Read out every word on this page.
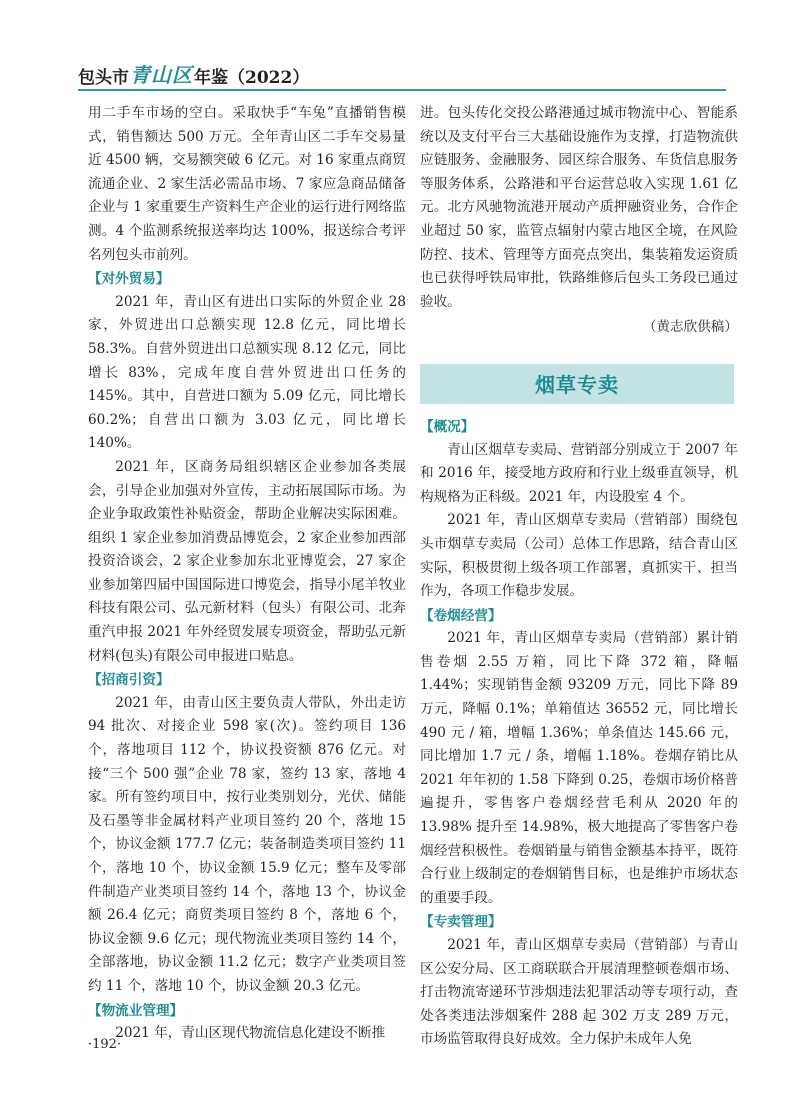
包头市 青山区 年鉴（2022）

用二手车市场的空白。采取快手“车兔”直播销售模式，销售额达 500 万元。全年青山区二手车交易量近 4500 辆，交易额突破 6 亿元。对 16 家重点商贸流通企业、2 家生活必需品市场、7 家应急商品储备企业与 1 家重要生产资料生产企业的运行进行网络监测。4 个监测系统报送率均达 100%，报送综合考评名列包头市前列。

【对外贸易】

2021 年，青山区有进出口实际的外贸企业 28 家，外贸进出口总额实现 12.8 亿元，同比增长 58.3%。自营外贸进出口总额实现 8.12 亿元，同比增长 83%，完成年度自营外贸进出口任务的 145%。其中，自营进口额为 5.09 亿元，同比增长 60.2%；自营出口额为 3.03 亿元，同比增长 140%。

2021 年，区商务局组织辖区企业参加各类展会，引导企业加强对外宣传，主动拓展国际市场。为企业争取政策性补贴资金，帮助企业解决实际困难。组织 1 家企业参加消费品博览会，2 家企业参加西部投资洽谈会，2 家企业参加东北亚博览会，27 家企业参加第四届中国国际进口博览会，指导小尾羊牧业科技有限公司、弘元新材料（包头）有限公司、北奔重汽申报 2021 年外经贸发展专项资金，帮助弘元新材料(包头)有限公司申报进口贴息。

【招商引资】

2021 年，由青山区主要负责人带队，外出走访 94 批次、对接企业 598 家(次)。签约项目 136 个，落地项目 112 个，协议投资额 876 亿元。对接“三个 500 强”企业 78 家，签约 13 家，落地 4 家。所有签约项目中，按行业类别划分，光伏、储能及石墨等非金属材料产业项目签约 20 个，落地 15 个，协议金额 177.7 亿元；装备制造类项目签约 11 个，落地 10 个，协议金额 15.9 亿元；整车及零部件制造产业类项目签约 14 个，落地 13 个，协议金额 26.4 亿元；商贸类项目签约 8 个，落地 6 个，协议金额 9.6 亿元；现代物流业类项目签约 14 个，全部落地，协议金额 11.2 亿元；数字产业类项目签约 11 个，落地 10 个，协议金额 20.3 亿元。

【物流业管理】

2021 年，青山区现代物流信息化建设不断推

进。包头传化交投公路港通过城市物流中心、智能系统以及支付平台三大基础设施作为支撑，打造物流供应链服务、金融服务、园区综合服务、车货信息服务等服务体系，公路港和平台运营总收入实现 1.61 亿元。北方风驰物流港开展动产质押融资业务，合作企业超过 50 家，监管点辐射内蒙古地区全境，在风险防控、技术、管理等方面亮点突出，集装箱发运资质也已获得呼铁局审批，铁路维修后包头工务段已通过验收。

（黄志欣供稿）

烟草专卖
【概况】

青山区烟草专卖局、营销部分别成立于 2007 年和 2016 年，接受地方政府和行业上级垂直领导，机构规格为正科级。2021 年，内设股室 4 个。

2021 年，青山区烟草专卖局（营销部）围绕包头市烟草专卖局（公司）总体工作思路，结合青山区实际，积极贯彻上级各项工作部署，真抓实干、担当作为，各项工作稳步发展。

【卷烟经营】

2021 年，青山区烟草专卖局（营销部）累计销售卷烟 2.55 万箱，同比下降 372 箱，降幅 1.44%；实现销售金额 93209 万元，同比下降 89 万元，降幅 0.1%；单箱值达 36552 元，同比增长 490 元 / 箱，增幅 1.36%；单条值达 145.66 元，同比增加 1.7 元 / 条，增幅 1.18%。卷烟存销比从 2021 年年初的 1.58 下降到 0.25，卷烟市场价格普遍提升，零售客户卷烟经营毛利从 2020 年的 13.98% 提升至 14.98%，极大地提高了零售客户卷烟经营积极性。卷烟销量与销售金额基本持平，既符合行业上级制定的卷烟销售目标，也是维护市场状态的重要手段。

【专卖管理】

2021 年，青山区烟草专卖局（营销部）与青山区公安分局、区工商联联合开展清理整顿卷烟市场、打击物流寄递环节涉烟违法犯罪活动等专项行动，查处各类违法涉烟案件 288 起 302 万支 289 万元，市场监管取得良好成效。全力保护未成年人免

·192·
